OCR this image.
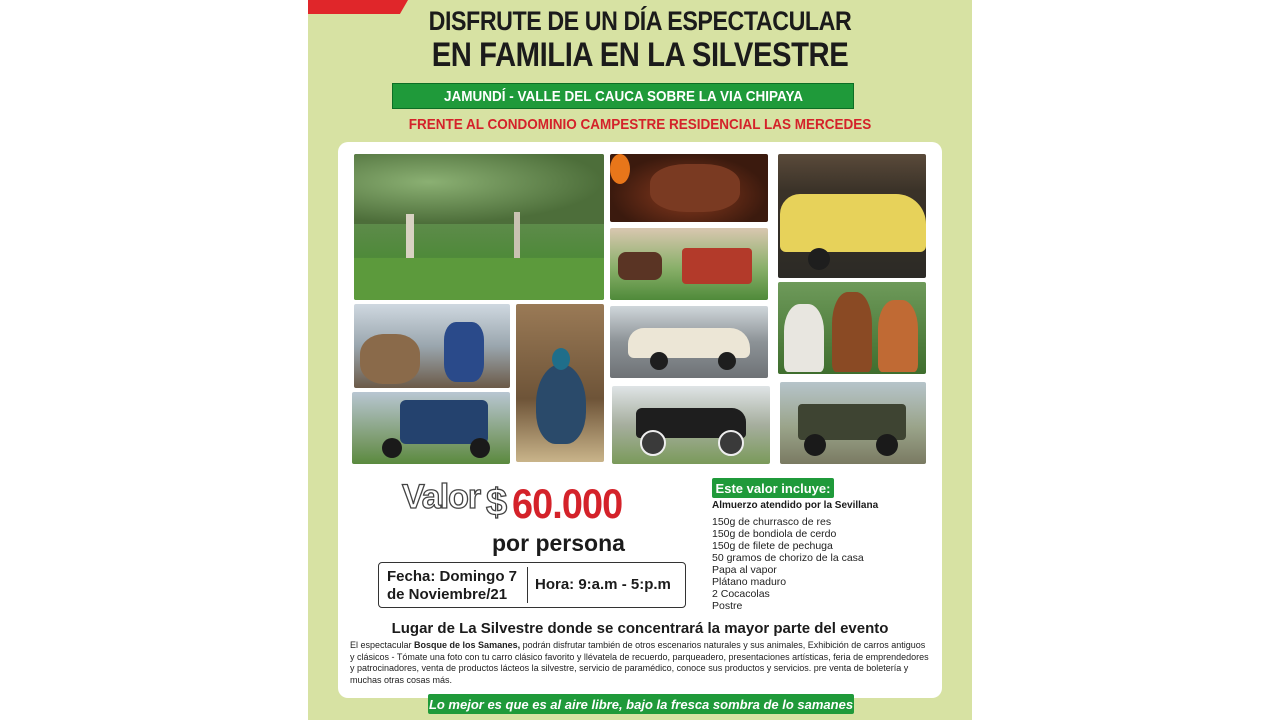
DISFRUTE DE UN DÍA ESPECTACULAR
EN FAMILIA EN LA SILVESTRE
JAMUNDÍ - VALLE DEL CAUCA SOBRE LA VIA CHIPAYA
FRENTE AL CONDOMINIO CAMPESTRE RESIDENCIAL LAS MERCEDES
Valor $ 60.000
por persona
Fecha: Domingo 7
de Noviembre/21
Hora: 9:a.m - 5:p.m
Este valor incluye:
Almuerzo atendido por la Sevillana
150g de churrasco de res
150g de bondiola de cerdo
150g de filete de pechuga
50 gramos de chorizo de la casa
Papa al vapor
Plátano maduro
2 Cocacolas
Postre
Lugar de La Silvestre donde se concentrará la mayor parte del evento
El espectacular Bosque de los Samanes, podrán disfrutar también de otros escenarios naturales y sus animales, Exhibición de carros antiguos y clásicos - Tómate una foto con tu carro clásico favorito y llévatela de recuerdo, parqueadero, presentaciones artísticas, feria de emprendedores y patrocinadores, venta de productos lácteos la silvestre, servicio de paramédico, conoce sus productos y servicios. pre venta de boletería y muchas otras cosas más.
Lo mejor es que es al aire libre, bajo la fresca sombra de lo samanes
